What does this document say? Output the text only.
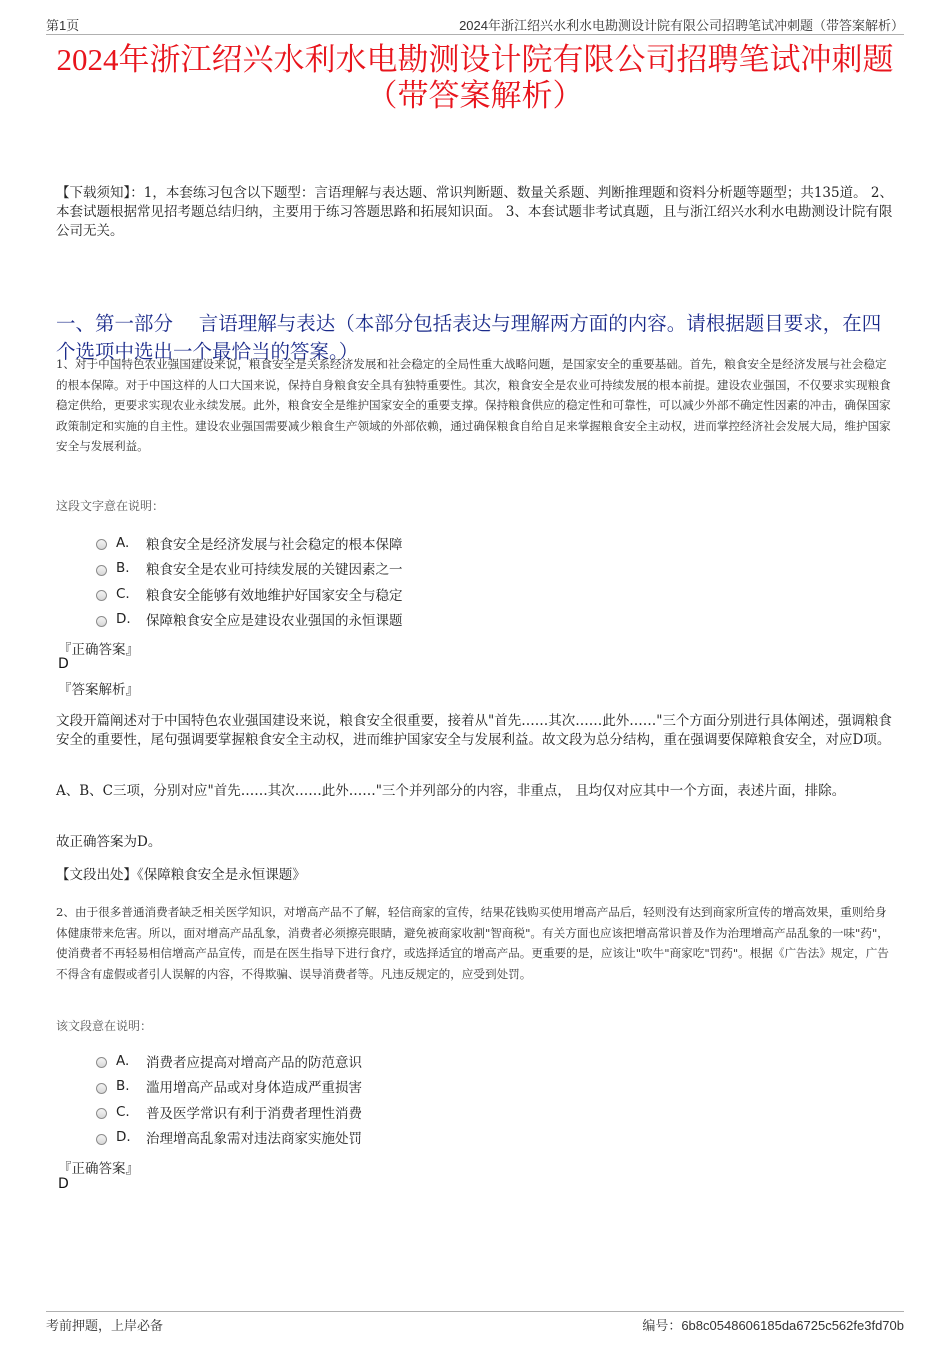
第1页	2024年浙江绍兴水利水电勘测设计院有限公司招聘笔试冲刺题（带答案解析）
2024年浙江绍兴水利水电勘测设计院有限公司招聘笔试冲刺题
（带答案解析）
【下载须知】：1，本套练习包含以下题型：言语理解与表达题、常识判断题、数量关系题、判断推理题和资料分析题等题型；共135道。 2、本套试题根据常见招考题总结归纳，主要用于练习答题思路和拓展知识面。 3、本套试题非考试真题，且与浙江绍兴水利水电勘测设计院有限公司无关。
一、第一部分　 言语理解与表达（本部分包括表达与理解两方面的内容。请根据题目要求，在四个选项中选出一个最恰当的答案。）
1、对于中国特色农业强国建设来说，粮食安全是关系经济发展和社会稳定的全局性重大战略问题，是国家安全的重要基础。首先，粮食安全是经济发展与社会稳定的根本保障。对于中国这样的人口大国来说，保持自身粮食安全具有独特重要性。其次，粮食安全是农业可持续发展的根本前提。建设农业强国，不仅要求实现粮食稳定供给，更要求实现农业永续发展。此外，粮食安全是维护国家安全的重要支撑。保持粮食供应的稳定性和可靠性，可以减少外部不确定性因素的冲击，确保国家政策制定和实施的自主性。建设农业强国需要减少粮食生产领域的外部依赖，通过确保粮食自给自足来掌握粮食安全主动权，进而掌控经济社会发展大局，维护国家安全与发展利益。
这段文字意在说明：
A.	粮食安全是经济发展与社会稳定的根本保障
B.	粮食安全是农业可持续发展的关键因素之一
C.	粮食安全能够有效地维护好国家安全与稳定
D.	保障粮食安全应是建设农业强国的永恒课题
『正确答案』
D
『答案解析』
文段开篇阐述对于中国特色农业强国建设来说，粮食安全很重要，接着从"首先……其次……此外……"三个方面分别进行具体阐述，强调粮食安全的重要性，尾句强调要掌握粮食安全主动权，进而维护国家安全与发展利益。故文段为总分结构，重在强调要保障粮食安全，对应D项。
A、B、C三项，分别对应"首先……其次……此外……"三个并列部分的内容，非重点， 且均仅对应其中一个方面，表述片面，排除。
故正确答案为D。
【文段出处】《保障粮食安全是永恒课题》
2、由于很多普通消费者缺乏相关医学知识，对增高产品不了解，轻信商家的宣传，结果花钱购买使用增高产品后，轻则没有达到商家所宣传的增高效果，重则给身体健康带来危害。所以，面对增高产品乱象，消费者必须擦亮眼睛，避免被商家收割"智商税"。有关方面也应该把增高常识普及作为治理增高产品乱象的一味"药"，使消费者不再轻易相信增高产品宣传，而是在医生指导下进行食疗，或选择适宜的增高产品。更重要的是，应该让"吹牛"商家吃"罚药"。根据《广告法》规定，广告不得含有虚假或者引人误解的内容，不得欺骗、误导消费者等。凡违反规定的，应受到处罚。
该文段意在说明：
A.	消费者应提高对增高产品的防范意识
B.	滥用增高产品或对身体造成严重损害
C.	普及医学常识有利于消费者理性消费
D.	治理增高乱象需对违法商家实施处罚
『正确答案』
D
考前押题，上岸必备	编号：6b8c0548606185da6725c562fe3fd70b
